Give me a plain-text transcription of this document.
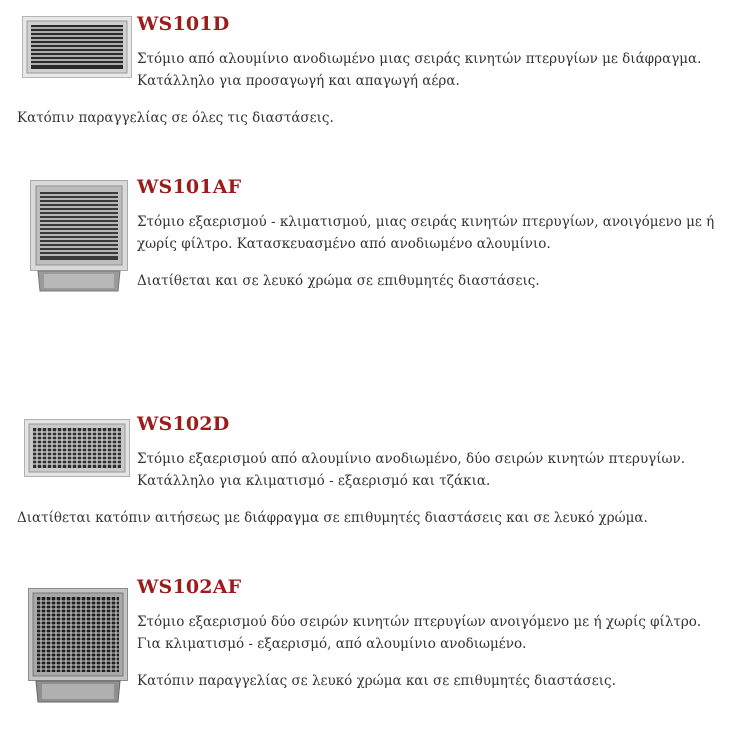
WS101D

Στόμιο από αλουμίνιο ανοδιωμένο μιας σειράς κινητών πτερυγίων με διάφραγμα. Κατάλληλο για προσαγωγή και απαγωγή αέρα.

Κατόπιν παραγγελίας σε όλες τις διαστάσεις.

WS101AF

Στόμιο εξαερισμού - κλιματισμού, μιας σειράς κινητών πτερυγίων, ανοιγόμενο με ή χωρίς φίλτρο. Κατασκευασμένο από ανοδιωμένο αλουμίνιο.

Διατίθεται και σε λευκό χρώμα σε επιθυμητές διαστάσεις.

WS102D

Στόμιο εξαερισμού από αλουμίνιο ανοδιωμένο, δύο σειρών κινητών πτερυγίων. Κατάλληλο για κλιματισμό - εξαερισμό και τζάκια.

Διατίθεται κατόπιν αιτήσεως με διάφραγμα σε επιθυμητές διαστάσεις και σε λευκό χρώμα.

WS102AF

Στόμιο εξαερισμού δύο σειρών κινητών πτερυγίων ανοιγόμενο με ή χωρίς φίλτρο. Για κλιματισμό - εξαερισμό, από αλουμίνιο ανοδιωμένο.

Κατόπιν παραγγελίας σε λευκό χρώμα και σε επιθυμητές διαστάσεις.
